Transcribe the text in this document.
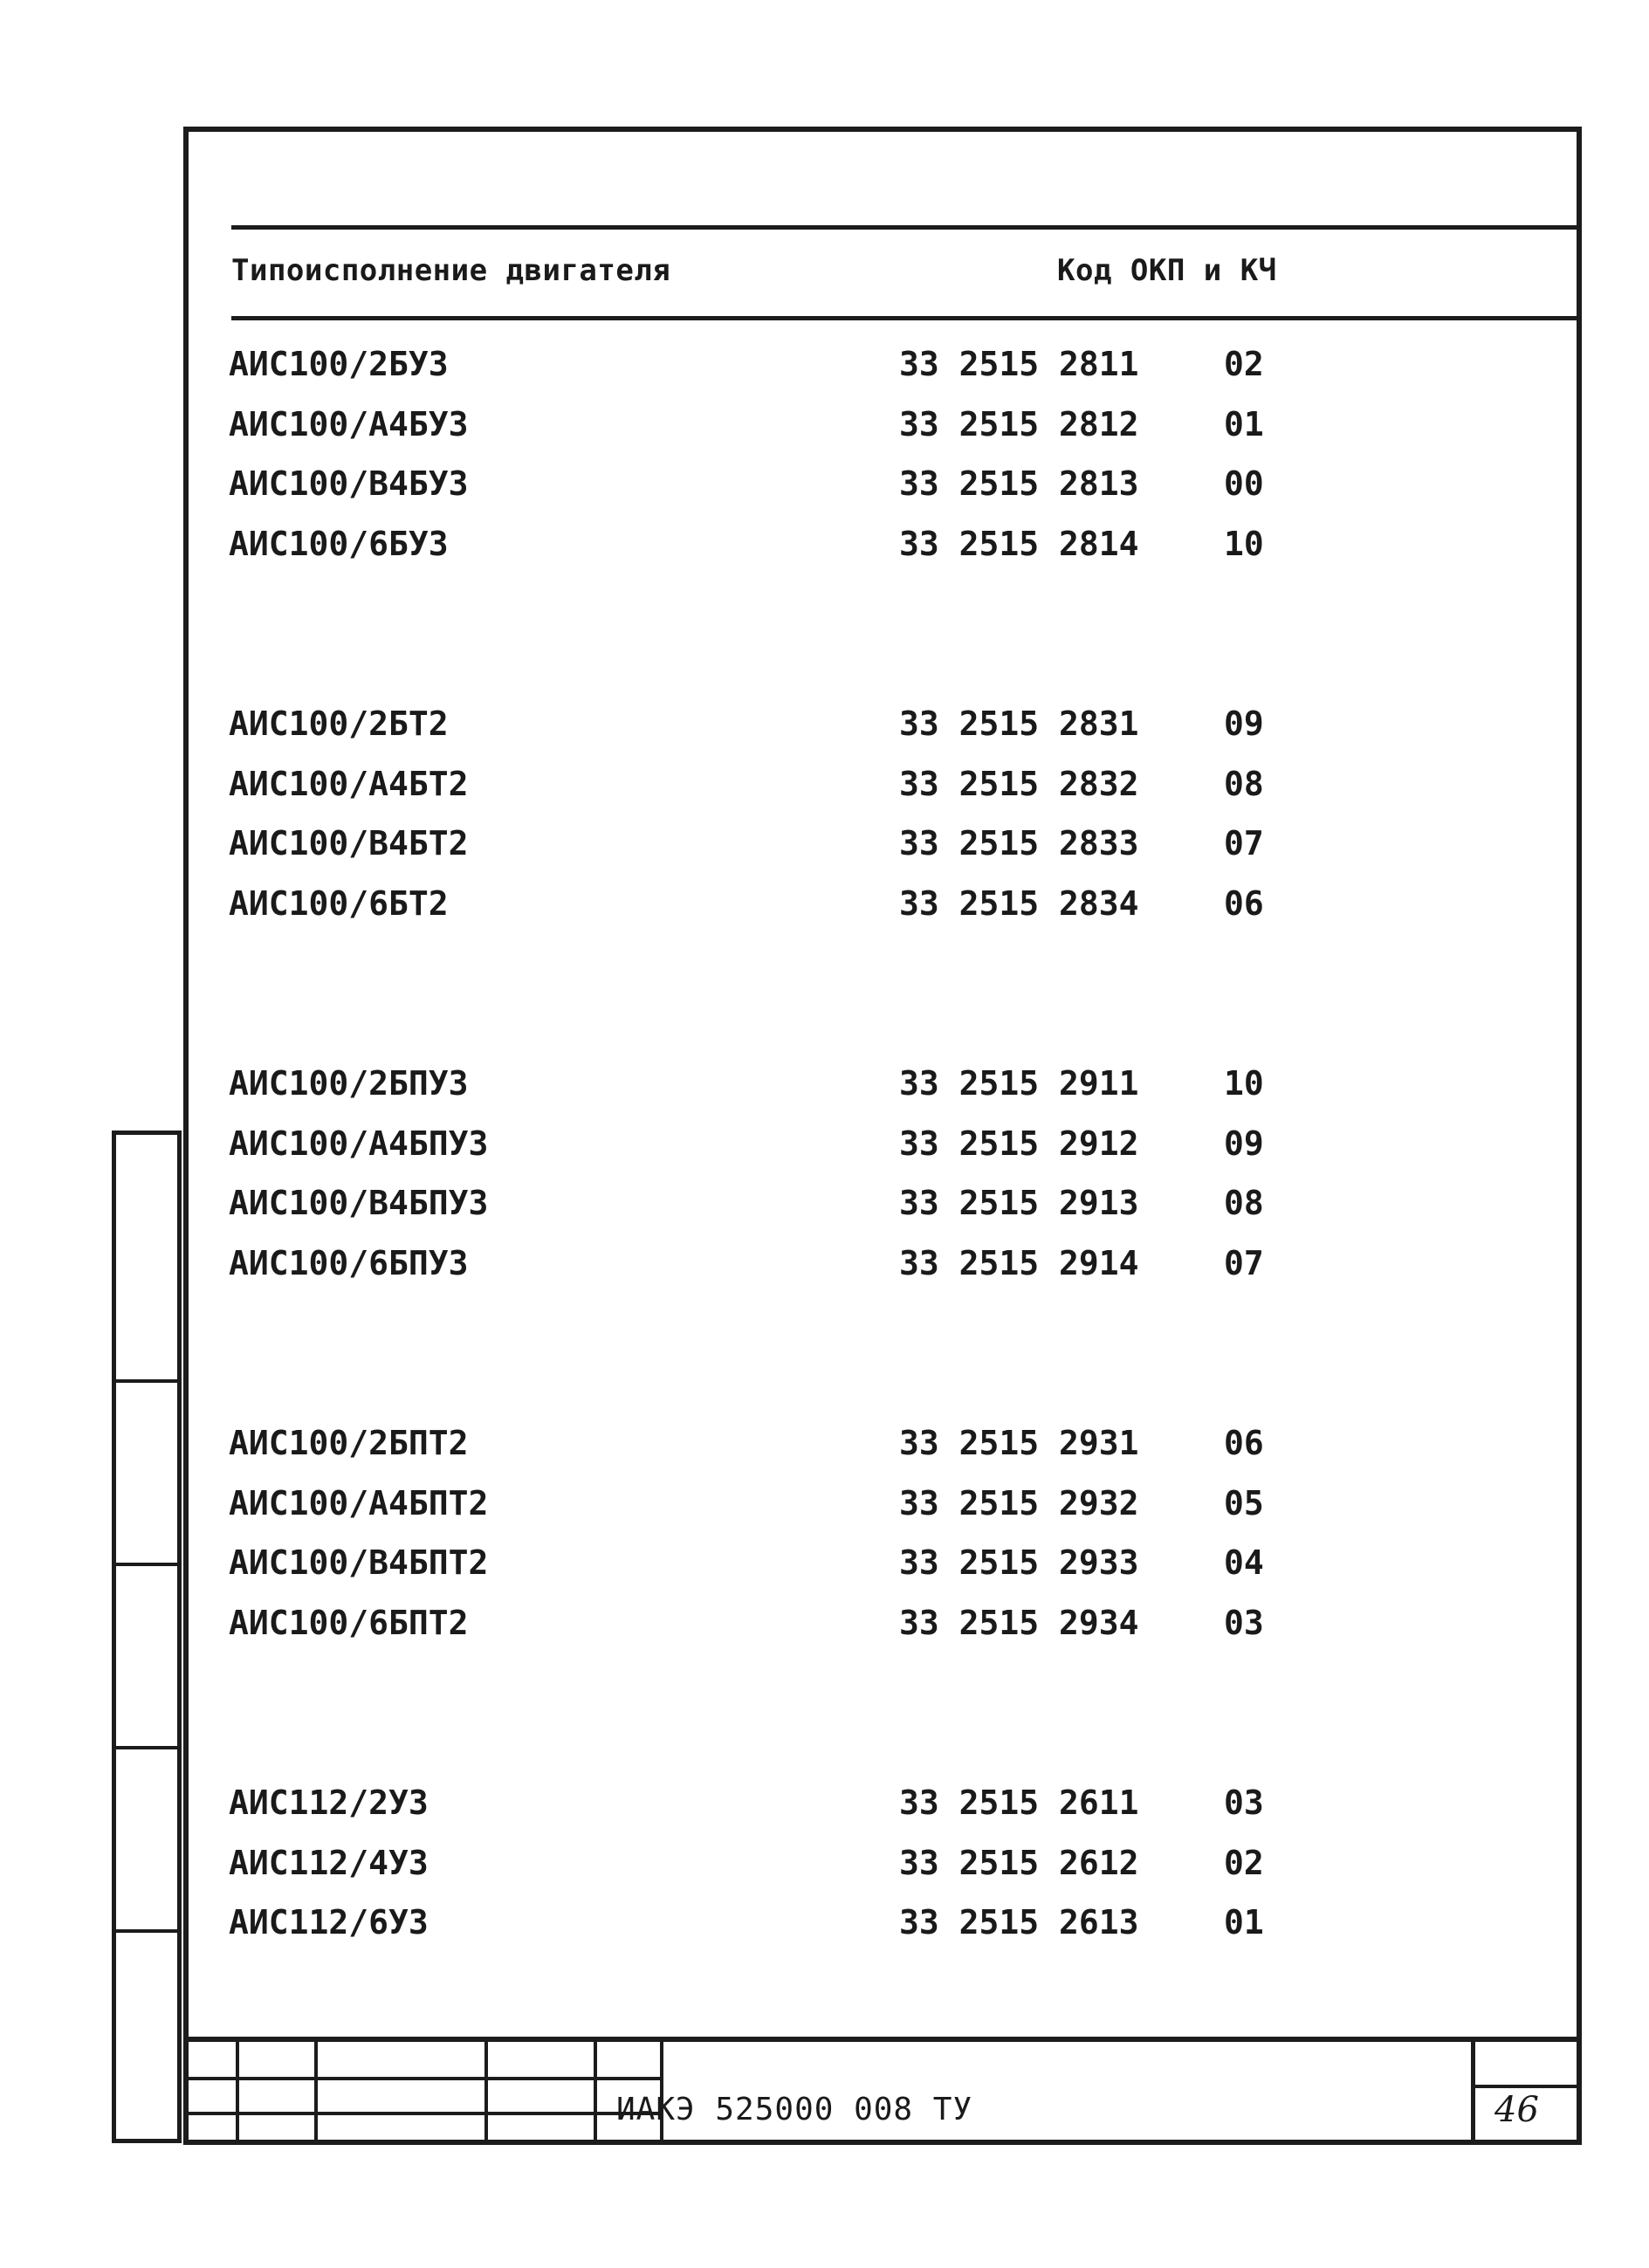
Типоисполнение двигателя	Код ОКП и КЧ
АИС100/2БУЗ	33 2515 2811	02
АИС100/А4БУЗ	33 2515 2812	01
АИС100/В4БУЗ	33 2515 2813	00
АИС100/6БУЗ	33 2515 2814	10
АИС100/2БТ2	33 2515 2831	09
АИС100/А4БТ2	33 2515 2832	08
АИС100/В4БТ2	33 2515 2833	07
АИС100/6БТ2	33 2515 2834	06
АИС100/2БПУЗ	33 2515 2911	10
АИС100/А4БПУЗ	33 2515 2912	09
АИС100/В4БПУЗ	33 2515 2913	08
АИС100/6БПУЗ	33 2515 2914	07
АИС100/2БПТ2	33 2515 2931	06
АИС100/А4БПТ2	33 2515 2932	05
АИС100/В4БПТ2	33 2515 2933	04
АИС100/6БПТ2	33 2515 2934	03
АИС112/2УЗ	33 2515 2611	03
АИС112/4УЗ	33 2515 2612	02
АИС112/6УЗ	33 2515 2613	01
ИАКЭ 525000 008 ТУ	46
